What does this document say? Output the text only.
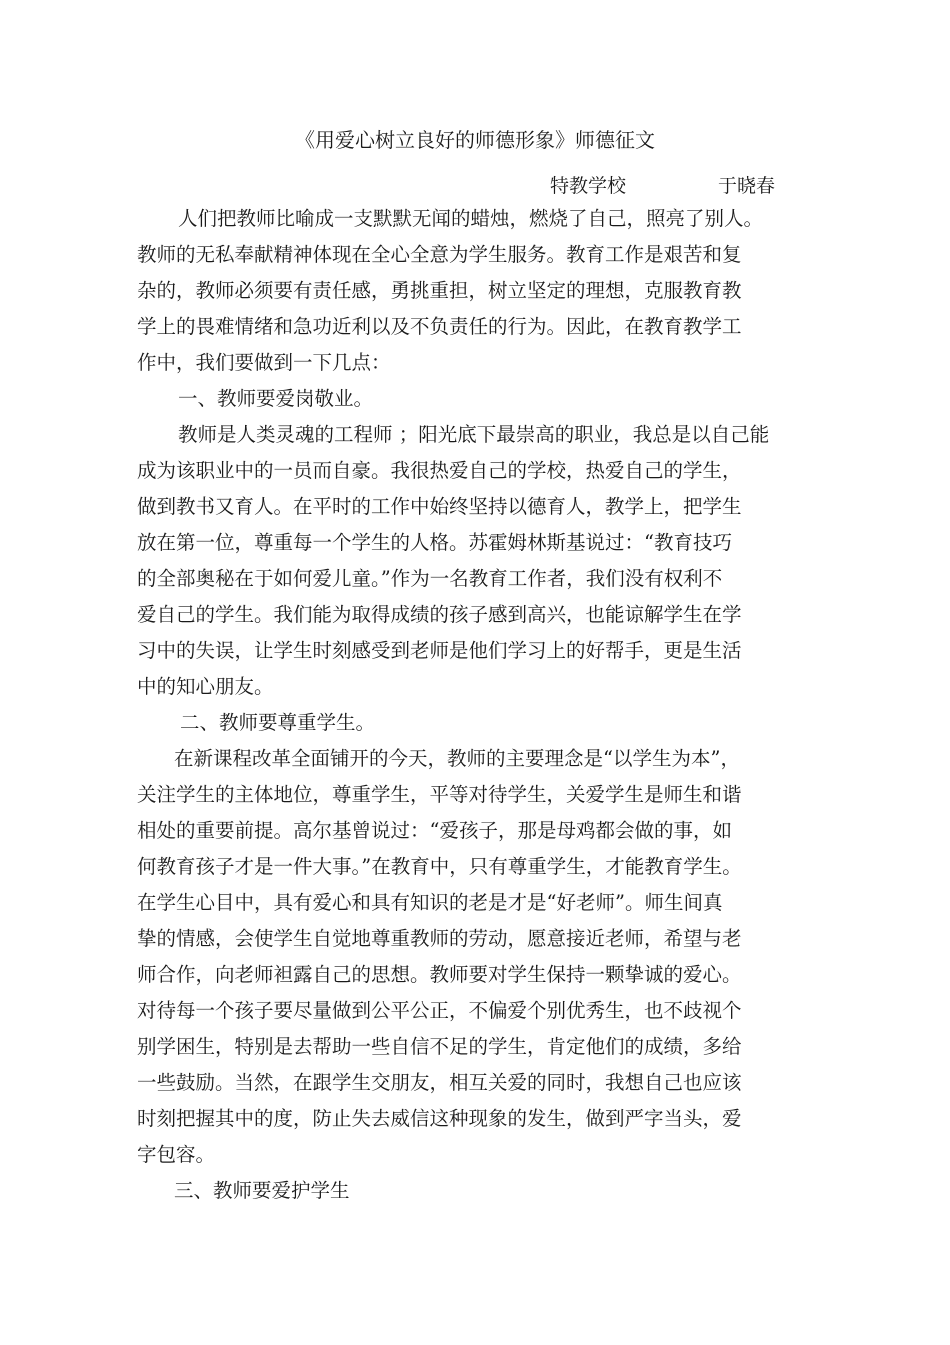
《用爱心树立良好的师德形象》师德征文
特教学校	于晓春
人们把教师比喻成一支默默无闻的蜡烛，燃烧了自己，照亮了别人。
教师的无私奉献精神体现在全心全意为学生服务。教育工作是艰苦和复
杂的，教师必须要有责任感，勇挑重担，树立坚定的理想，克服教育教
学上的畏难情绪和急功近利以及不负责任的行为。因此，在教育教学工
作中，我们要做到一下几点：
一、教师要爱岗敬业。
教师是人类灵魂的工程师 ；阳光底下最崇高的职业，我总是以自己能
成为该职业中的一员而自豪。我很热爱自己的学校，热爱自己的学生，
做到教书又育人。在平时的工作中始终坚持以德育人，教学上，把学生
放在第一位，尊重每一个学生的人格。苏霍姆林斯基说过：“教育技巧
的全部奥秘在于如何爱儿童。”作为一名教育工作者，我们没有权利不
爱自己的学生。我们能为取得成绩的孩子感到高兴，也能谅解学生在学
习中的失误，让学生时刻感受到老师是他们学习上的好帮手，更是生活
中的知心朋友。
二、教师要尊重学生。
在新课程改革全面铺开的今天，教师的主要理念是“以学生为本”，
关注学生的主体地位，尊重学生，平等对待学生，关爱学生是师生和谐
相处的重要前提。高尔基曾说过：“爱孩子，那是母鸡都会做的事，如
何教育孩子才是一件大事。”在教育中，只有尊重学生，才能教育学生。
在学生心目中，具有爱心和具有知识的老是才是“好老师”。师生间真
挚的情感，会使学生自觉地尊重教师的劳动，愿意接近老师，希望与老
师合作，向老师袒露自己的思想。教师要对学生保持一颗挚诚的爱心。
对待每一个孩子要尽量做到公平公正，不偏爱个别优秀生，也不歧视个
别学困生，特别是去帮助一些自信不足的学生，肯定他们的成绩，多给
一些鼓励。当然，在跟学生交朋友，相互关爱的同时，我想自己也应该
时刻把握其中的度，防止失去威信这种现象的发生，做到严字当头，爱
字包容。
三、教师要爱护学生
